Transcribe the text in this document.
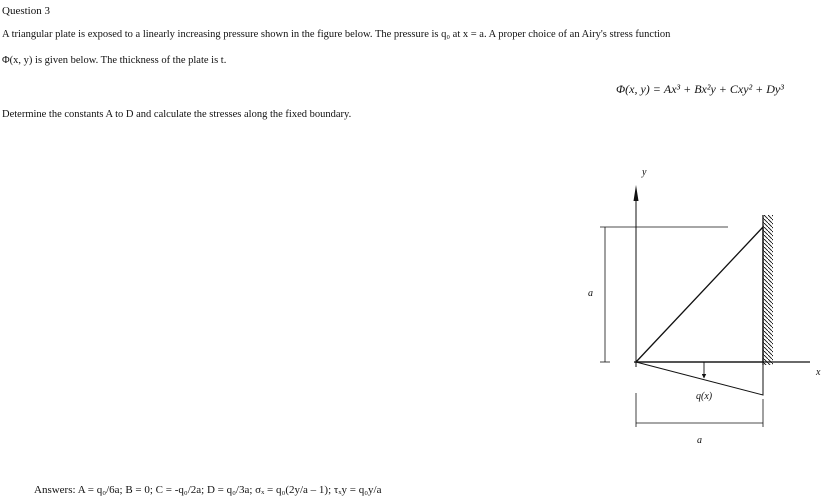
Question 3
A triangular plate is exposed to a linearly increasing pressure shown in the figure below. The pressure is q₀ at x = a. A proper choice of an Airy's stress function
Φ(x, y) is given below. The thickness of the plate is t.
Φ(x, y) = Ax³ + Bx²y + Cxy² + Dy³
Determine the constants A to D and calculate the stresses along the fixed boundary.
y
x
a
q(x)
a
Answers: A = q₀/6a; B = 0; C = -q₀/2a; D = q₀/3a; σₓ = q₀(2y/a – 1); τₓy = q₀y/a
